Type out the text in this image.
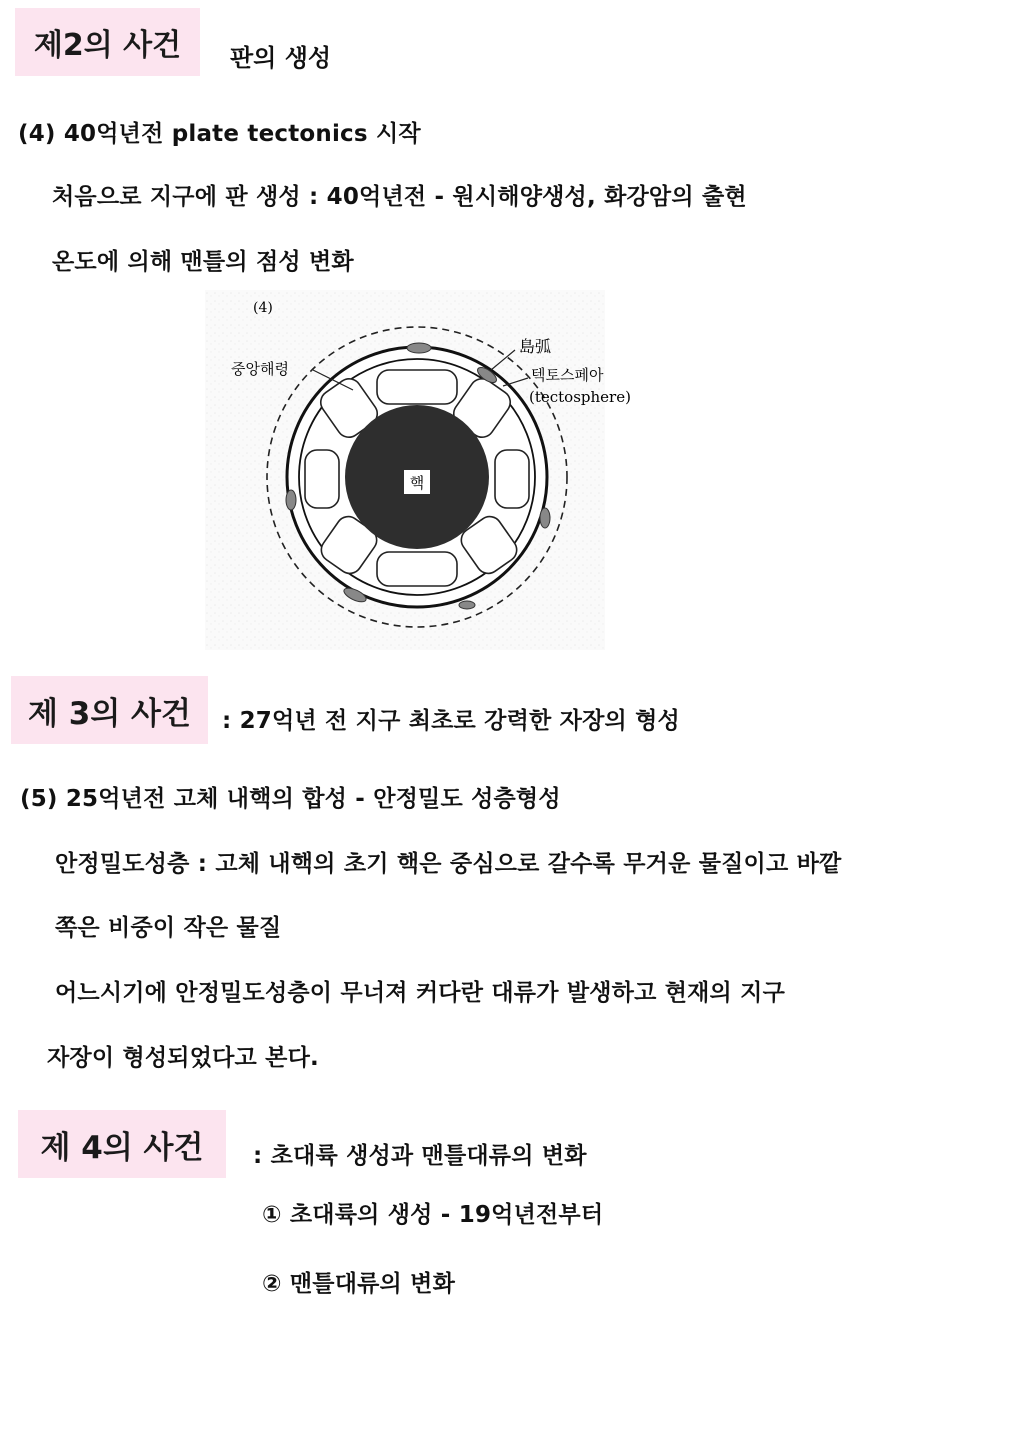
제2의 사건	판의 생성
(4) 40억년전 plate tectonics 시작
처음으로 지구에 판 생성 : 40억년전 - 원시해양생성, 화강암의 출현
온도에 의해 맨틀의 점성 변화
(4)
핵
중앙해령
島弧
텍토스페아
(tectosphere)
제 3의 사건	: 27억년 전 지구 최초로 강력한 자장의 형성
(5) 25억년전 고체 내핵의 합성 - 안정밀도 성층형성
안정밀도성층 : 고체 내핵의 초기 핵은 중심으로 갈수록 무거운 물질이고 바깥
쪽은 비중이 작은 물질
어느시기에 안정밀도성층이 무너져 커다란 대류가 발생하고 현재의 지구
자장이 형성되었다고 본다.
제 4의 사건	: 초대륙 생성과 맨틀대류의 변화
① 초대륙의 생성 - 19억년전부터
② 맨틀대류의 변화
